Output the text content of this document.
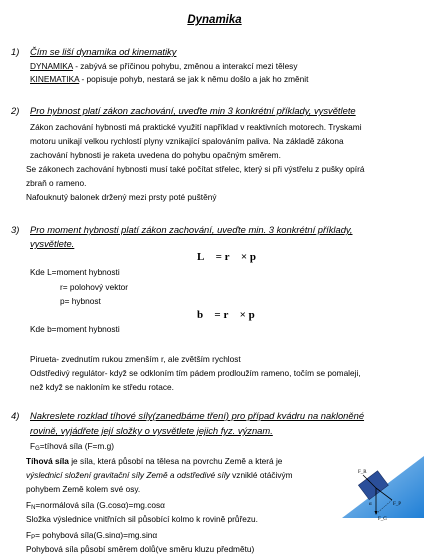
Dynamika
1) Čím se liší dynamika od kinematiky
DYNAMIKA - zabývá se příčinou pohybu, změnou a interakcí mezi tělesy
KINEMATIKA - popisuje pohyb, nestará se jak k němu došlo a jak ho změnit
2) Pro hybnost platí zákon zachování, uveďte min 3 konkrétní příklady, vysvětlete
Zákon zachování hybnosti má praktické využití například v reaktivních motorech. Tryskami
motoru unikají velkou rychlostí plyny vznikající spalováním paliva. Na základě zákona
zachování hybnosti je raketa uvedena do pohybu opačným směrem.
Se zákonech zachování hybnosti musí také počítat střelec, který si při výstřelu z pušky opírá
zbraň o rameno.
Nafouknutý balonek držený mezi prsty poté puštěný
3) Pro moment hybnosti platí zákon zachování, uveďte min. 3 konkrétní příklady,
vysvětlete.
L⃗ = r⃗ × p⃗
Kde L=moment hybnosti
r= polohový vektor
p= hybnost
b⃗ = r⃗ × p⃗
Kde b=moment hybnosti
Pirueta- zvednutím rukou zmenším r, ale zvětším rychlost
Odstředivý regulátor- když se odkloním tím pádem prodloužím rameno, točím se pomaleji,
než když se nakloním ke středu rotace.
4) Nakreslete rozklad tíhové síly(zanedbáme tření) pro případ kvádru na nakloněné
rovině, vyjádřete její složky o vysvětlete jejich fyz. význam.
$F_G=tíhová$ síla (F=m.g)
Tíhová síla je síla, která působí na tělesa na povrchu Země a která je
výslednicí složení gravitační síly Země a odstředivé síly vzniklé otáčivým
pohybem Země kolem své osy.
$F_N=normálová$ síla (G.cosα)=mg.cosα
Složka výslednice vnitřních sil působící kolmo k rovině průřezu.
$F_P=$ pohybová síla(G.sinα)=mg.sinα
Pohybová síla působí směrem dolů(ve směru kluzu předmětu)
F_R
F_G
F_P
α
